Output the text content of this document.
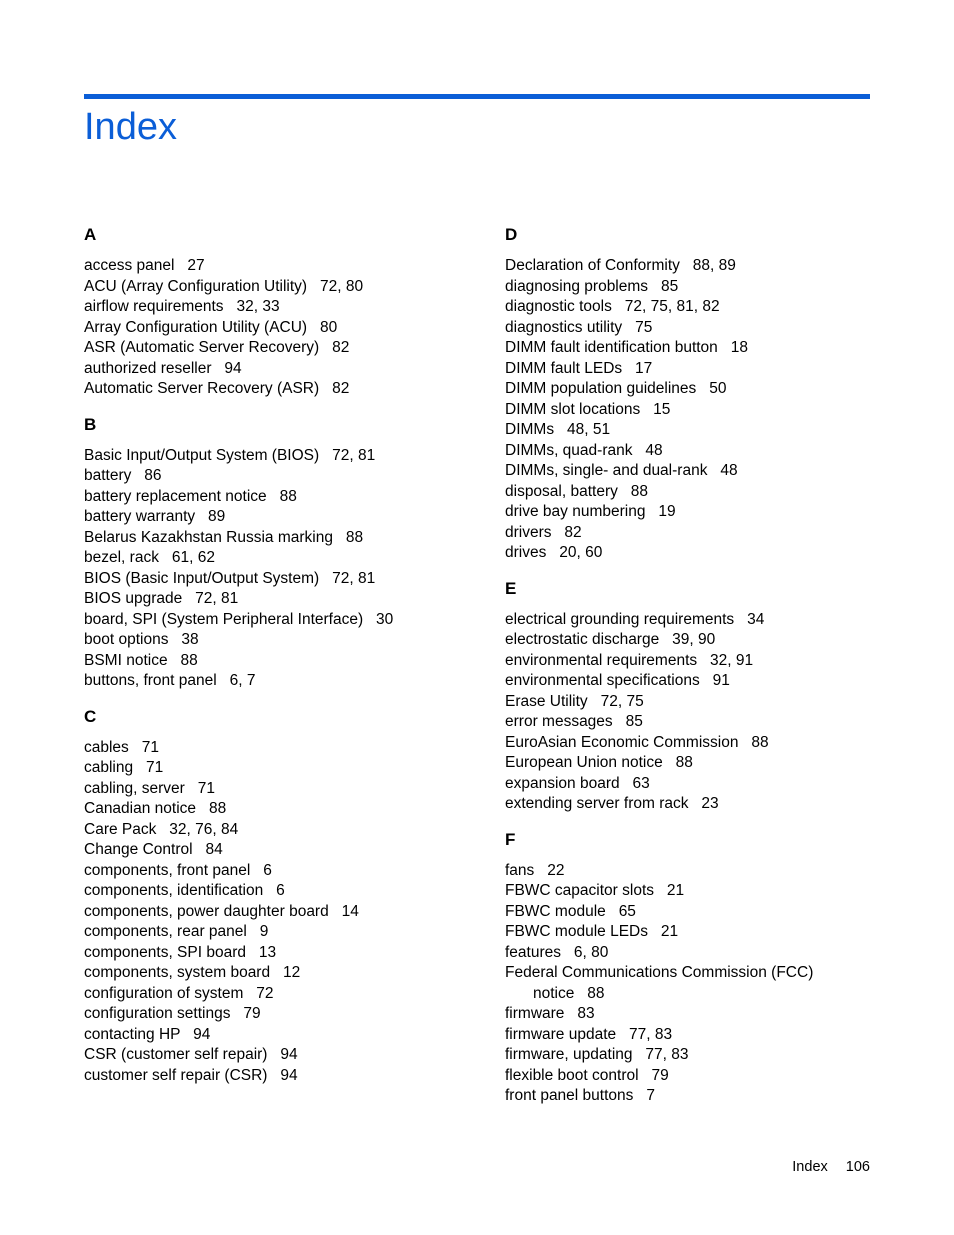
Index
A
access panel   27
ACU (Array Configuration Utility)   72, 80
airflow requirements   32, 33
Array Configuration Utility (ACU)   80
ASR (Automatic Server Recovery)   82
authorized reseller   94
Automatic Server Recovery (ASR)   82
B
Basic Input/Output System (BIOS)   72, 81
battery   86
battery replacement notice   88
battery warranty   89
Belarus Kazakhstan Russia marking   88
bezel, rack   61, 62
BIOS (Basic Input/Output System)   72, 81
BIOS upgrade   72, 81
board, SPI (System Peripheral Interface)   30
boot options   38
BSMI notice   88
buttons, front panel   6, 7
C
cables   71
cabling   71
cabling, server   71
Canadian notice   88
Care Pack   32, 76, 84
Change Control   84
components, front panel   6
components, identification   6
components, power daughter board   14
components, rear panel   9
components, SPI board   13
components, system board   12
configuration of system   72
configuration settings   79
contacting HP   94
CSR (customer self repair)   94
customer self repair (CSR)   94
D
Declaration of Conformity   88, 89
diagnosing problems   85
diagnostic tools   72, 75, 81, 82
diagnostics utility   75
DIMM fault identification button   18
DIMM fault LEDs   17
DIMM population guidelines   50
DIMM slot locations   15
DIMMs   48, 51
DIMMs, quad-rank   48
DIMMs, single- and dual-rank   48
disposal, battery   88
drive bay numbering   19
drivers   82
drives   20, 60
E
electrical grounding requirements   34
electrostatic discharge   39, 90
environmental requirements   32, 91
environmental specifications   91
Erase Utility   72, 75
error messages   85
EuroAsian Economic Commission   88
European Union notice   88
expansion board   63
extending server from rack   23
F
fans   22
FBWC capacitor slots   21
FBWC module   65
FBWC module LEDs   21
features   6, 80
Federal Communications Commission (FCC)
notice   88
firmware   83
firmware update   77, 83
firmware, updating   77, 83
flexible boot control   79
front panel buttons   7
Index 106
